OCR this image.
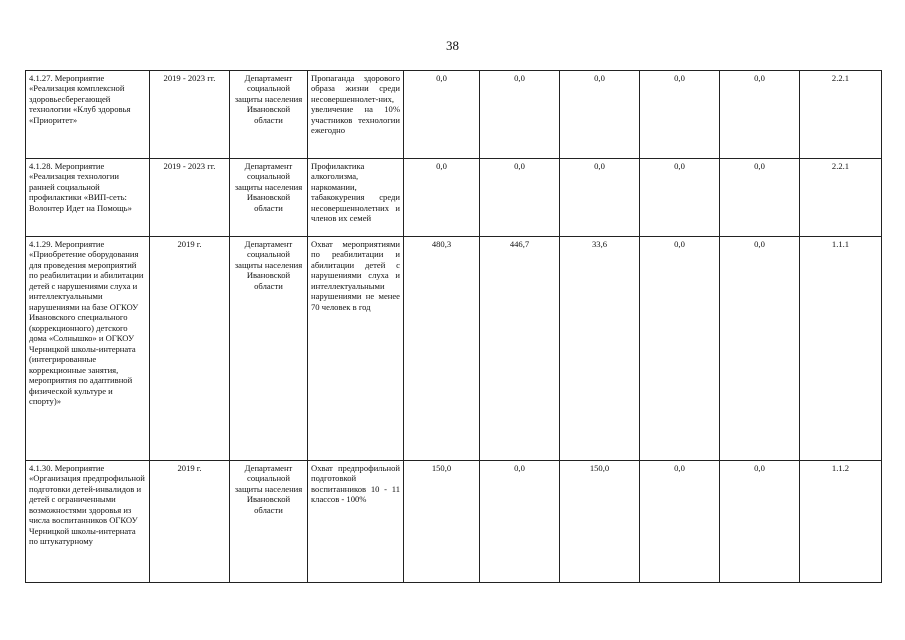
38
4.1.27. Мероприятие «Реализация комплексной здоровьесберегающей технологии «Клуб здоровья «Приоритет»	2019 - 2023 гг.	Департамент социальной защиты населения Ивановской области	Пропаганда здорового образа жизни среди несовершеннолет-них, увеличение на 10% участников технологии ежегодно	0,0	0,0	0,0	0,0	0,0	2.2.1
4.1.28. Мероприятие «Реализация технологии ранней социальной профилактики «ВИП-сеть: Волонтер Идет на Помощь»	2019 - 2023 гг.	Департамент социальной защиты населения Ивановской области	Профилактика алкоголизма, наркомании, табакокурения среди несовершеннолетних и членов их семей	0,0	0,0	0,0	0,0	0,0	2.2.1
4.1.29. Мероприятие «Приобретение оборудования для проведения мероприятий по реабилитации и абилитации детей с нарушениями слуха и интеллектуальными нарушениями на базе ОГКОУ Ивановского специального (коррекционного) детского дома «Солнышко» и ОГКОУ Черницкой школы-интерната (интегрированные коррекционные занятия, мероприятия по адаптивной физической культуре и спорту)»	2019 г.	Департамент социальной защиты населения Ивановской области	Охват мероприятиями по реабилитации и абилитации детей с нарушениями слуха и интеллектуальными нарушениями не менее 70 человек в год	480,3	446,7	33,6	0,0	0,0	1.1.1
4.1.30. Мероприятие «Организация предпрофильной подготовки детей-инвалидов и детей с ограниченными возможностями здоровья из числа воспитанников ОГКОУ Черницкой школы-интерната по штукатурному	2019 г.	Департамент социальной защиты населения Ивановской области	Охват предпрофильной подготовкой воспитанников 10 - 11 классов - 100%	150,0	0,0	150,0	0,0	0,0	1.1.2
